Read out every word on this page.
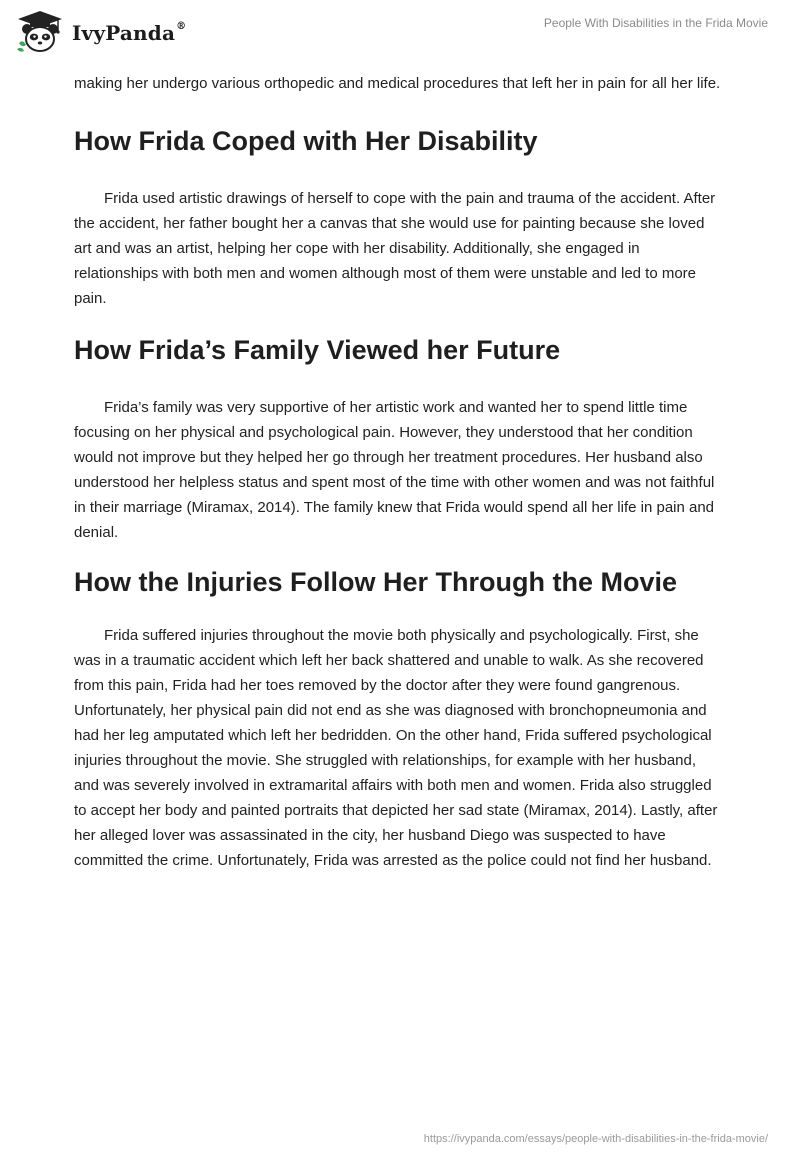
IvyPanda®	People With Disabilities in the Frida Movie

making her undergo various orthopedic and medical procedures that left her in pain for all her life.

How Frida Coped with Her Disability

Frida used artistic drawings of herself to cope with the pain and trauma of the accident. After the accident, her father bought her a canvas that she would use for painting because she loved art and was an artist, helping her cope with her disability. Additionally, she engaged in relationships with both men and women although most of them were unstable and led to more pain.

How Frida’s Family Viewed her Future

Frida’s family was very supportive of her artistic work and wanted her to spend little time focusing on her physical and psychological pain. However, they understood that her condition would not improve but they helped her go through her treatment procedures. Her husband also understood her helpless status and spent most of the time with other women and was not faithful in their marriage (Miramax, 2014). The family knew that Frida would spend all her life in pain and denial.

How the Injuries Follow Her Through the Movie

Frida suffered injuries throughout the movie both physically and psychologically. First, she was in a traumatic accident which left her back shattered and unable to walk. As she recovered from this pain, Frida had her toes removed by the doctor after they were found gangrenous. Unfortunately, her physical pain did not end as she was diagnosed with bronchopneumonia and had her leg amputated which left her bedridden. On the other hand, Frida suffered psychological injuries throughout the movie. She struggled with relationships, for example with her husband, and was severely involved in extramarital affairs with both men and women. Frida also struggled to accept her body and painted portraits that depicted her sad state (Miramax, 2014). Lastly, after her alleged lover was assassinated in the city, her husband Diego was suspected to have committed the crime. Unfortunately, Frida was arrested as the police could not find her husband.

https://ivypanda.com/essays/people-with-disabilities-in-the-frida-movie/
